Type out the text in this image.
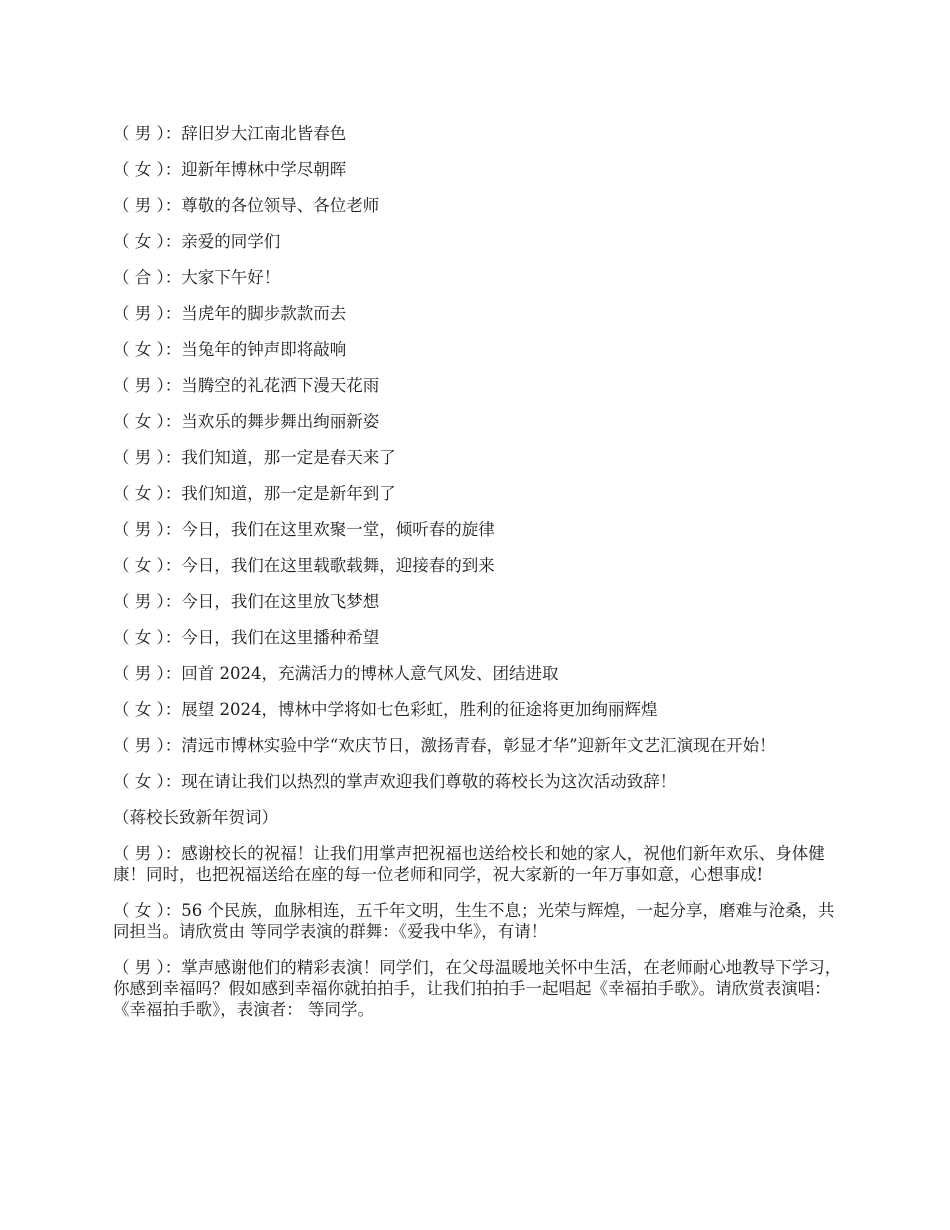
（ 男 ）：辞旧岁大江南北皆春色

（ 女 ）：迎新年博林中学尽朝晖

（ 男 ）：尊敬的各位领导、各位老师

（ 女 ）：亲爱的同学们

（ 合 ）：大家下午好！

（ 男 ）：当虎年的脚步款款而去

（ 女 ）：当兔年的钟声即将敲响

（ 男 ）：当腾空的礼花洒下漫天花雨

（ 女 ）：当欢乐的舞步舞出绚丽新姿

（ 男 ）：我们知道，那一定是春天来了

（ 女 ）：我们知道，那一定是新年到了

（ 男 ）：今日，我们在这里欢聚一堂，倾听春的旋律

（ 女 ）：今日，我们在这里载歌载舞，迎接春的到来

（ 男 ）：今日，我们在这里放飞梦想

（ 女 ）：今日，我们在这里播种希望

（ 男 ）：回首 2024，充满活力的博林人意气风发、团结进取

（ 女 ）：展望 2024，博林中学将如七色彩虹，胜利的征途将更加绚丽辉煌

（ 男 ）：清远市博林实验中学“欢庆节日，激扬青春，彰显才华”迎新年文艺汇演现在开始！

（ 女 ）：现在请让我们以热烈的掌声欢迎我们尊敬的蒋校长为这次活动致辞！

（蒋校长致新年贺词）

（ 男 ）：感谢校长的祝福！让我们用掌声把祝福也送给校长和她的家人，祝他们新年欢乐、身体健康！同时，也把祝福送给在座的每一位老师和同学，祝大家新的一年万事如意，心想事成!

（ 女 ）：56 个民族，血脉相连，五千年文明，生生不息；光荣与辉煌，一起分享，磨难与沧桑，共同担当。请欣赏由 等同学表演的群舞：《爱我中华》，有请！

（ 男 ）：掌声感谢他们的精彩表演！同学们，在父母温暖地关怀中生活，在老师耐心地教导下学习，你感到幸福吗？假如感到幸福你就拍拍手，让我们拍拍手一起唱起《幸福拍手歌》。请欣赏表演唱：《幸福拍手歌》，表演者： 等同学。
